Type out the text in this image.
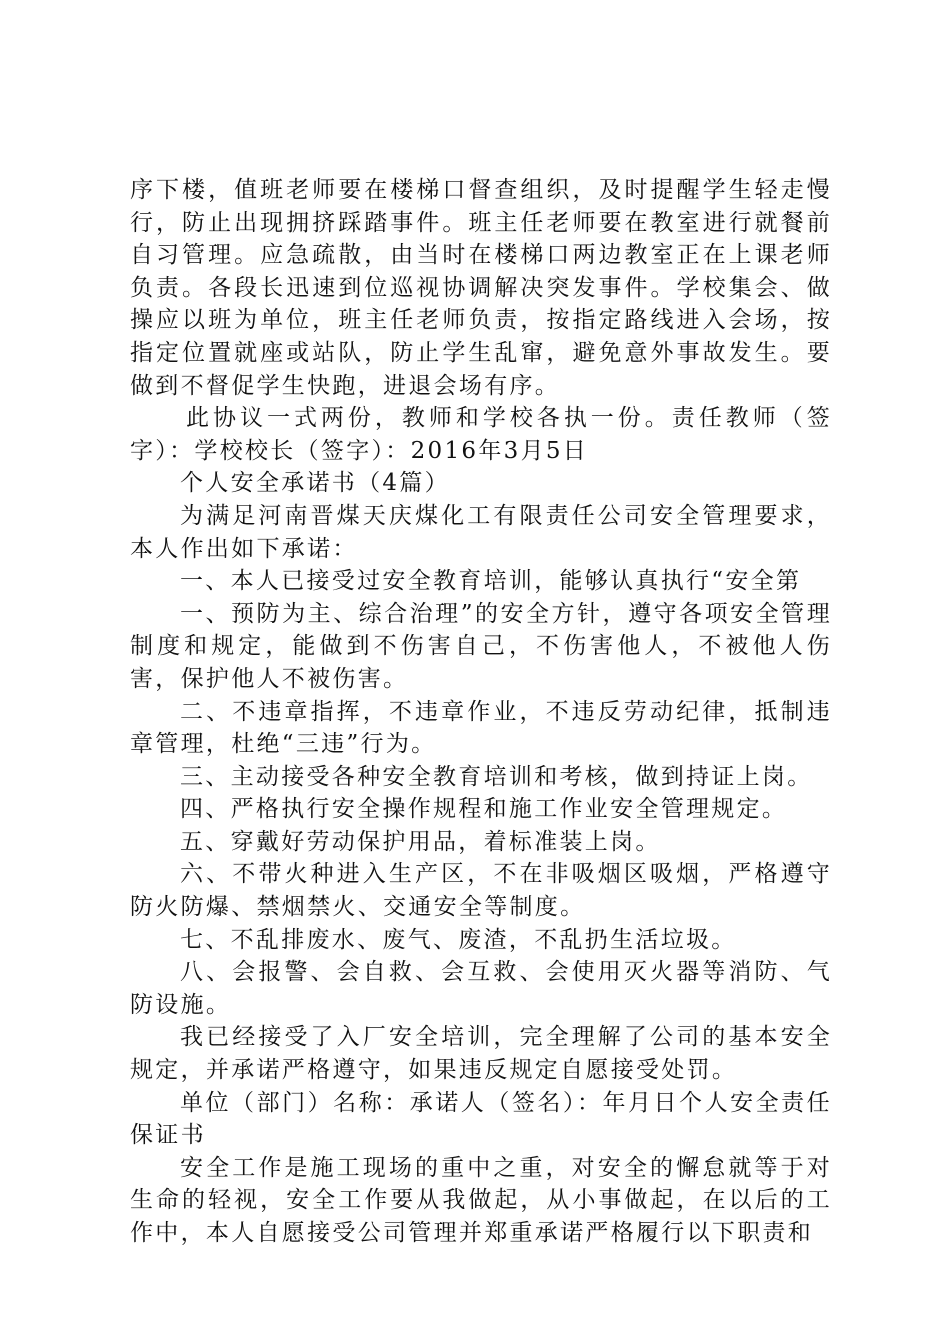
序下楼，值班老师要在楼梯口督查组织，及时提醒学生轻走慢行，防止出现拥挤踩踏事件。班主任老师要在教室进行就餐前自习管理。应急疏散，由当时在楼梯口两边教室正在上课老师负责。各段长迅速到位巡视协调解决突发事件。学校集会、做操应以班为单位，班主任老师负责，按指定路线进入会场，按指定位置就座或站队，防止学生乱窜，避免意外事故发生。要做到不督促学生快跑，进退会场有序。

此协议一式两份，教师和学校各执一份。责任教师（签字）：学校校长（签字）：2016年3月5日

个人安全承诺书（4篇）

为满足河南晋煤天庆煤化工有限责任公司安全管理要求，本人作出如下承诺：

一、本人已接受过安全教育培训，能够认真执行“安全第

一、预防为主、综合治理”的安全方针，遵守各项安全管理制度和规定，能做到不伤害自己，不伤害他人，不被他人伤害，保护他人不被伤害。

二、不违章指挥，不违章作业，不违反劳动纪律，抵制违章管理，杜绝“三违”行为。

三、主动接受各种安全教育培训和考核，做到持证上岗。

四、严格执行安全操作规程和施工作业安全管理规定。

五、穿戴好劳动保护用品，着标准装上岗。

六、不带火种进入生产区，不在非吸烟区吸烟，严格遵守防火防爆、禁烟禁火、交通安全等制度。

七、不乱排废水、废气、废渣，不乱扔生活垃圾。

八、会报警、会自救、会互救、会使用灭火器等消防、气防设施。

我已经接受了入厂安全培训，完全理解了公司的基本安全规定，并承诺严格遵守，如果违反规定自愿接受处罚。

单位（部门）名称：承诺人（签名）：年月日个人安全责任保证书

安全工作是施工现场的重中之重，对安全的懈怠就等于对生命的轻视，安全工作要从我做起，从小事做起，在以后的工作中，本人自愿接受公司管理并郑重承诺严格履行以下职责和
